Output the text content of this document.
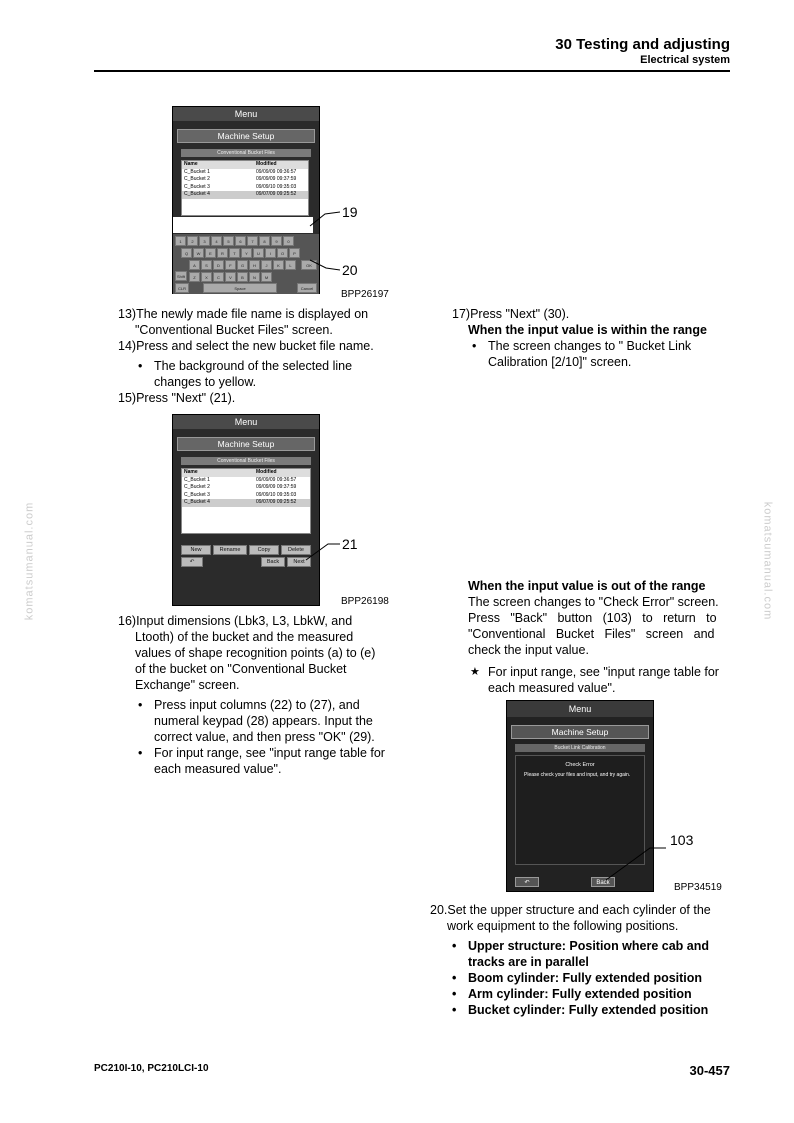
30 Testing and adjusting
Electrical system
komatsumanual.com	komatsumanual.com
Menu
Machine Setup
Conventional Bucket Files
Name	Modified
C_Bucket 1	09/09/09 09:36:57
C_Bucket 2	09/09/09 09:37:59
C_Bucket 3	09/09/10 09:35:03
C_Bucket 4	09/07/09 09:25:52
1	2	3	4	5	6	7	8	9	0
Q	W	E	R	T	Y	U	I	O	P
A	S	D	F	G	H	J	K	L
Z	X	C	V	B	N	M
Shift
CLR	Space	Cancel
OK
BPP26197
19
20
13)The newly made file name is displayed on
"Conventional Bucket Files" screen.
14)Press and select the new bucket file name.
• The background of the selected line
changes to yellow.
15)Press "Next" (21).
Menu
Machine Setup
Conventional Bucket Files
Name	Modified
C_Bucket 1	09/09/09 09:36:57
C_Bucket 2	09/09/09 09:37:59
C_Bucket 3	09/09/10 09:35:03
C_Bucket 4	09/07/09 09:25:52
New	Rename	Copy	Delete
↶	Back	Next
BPP26198
21
16)Input dimensions (Lbk3, L3, LbkW, and
Ltooth) of the bucket and the measured
values of shape recognition points (a) to (e)
of the bucket on "Conventional Bucket
Exchange" screen.
• Press input columns (22) to (27), and
numeral keypad (28) appears. Input the
correct value, and then press "OK" (29).
• For input range, see "input range table for
each measured value".
17)Press "Next" (30).
When the input value is within the range
• The screen changes to " Bucket Link
Calibration [2/10]" screen.
When the input value is out of the range
The screen changes to "Check Error" screen.
Press   "Back"   button   (103)   to   return   to
"Conventional   Bucket   Files"   screen   and
check the input value.
★ For input range, see "input range table for
each measured value".
Menu
Machine Setup
Bucket Link Calibration
Check Error
Please check your files and input, and try again.
↶	Back	BPP34519
103
20.Set the upper structure and each cylinder of the
work equipment to the following positions.
• Upper structure: Position where cab and
tracks are in parallel
• Boom cylinder: Fully extended position
• Arm cylinder: Fully extended position
• Bucket cylinder: Fully extended position
PC210I-10, PC210LCI-10	30-457
